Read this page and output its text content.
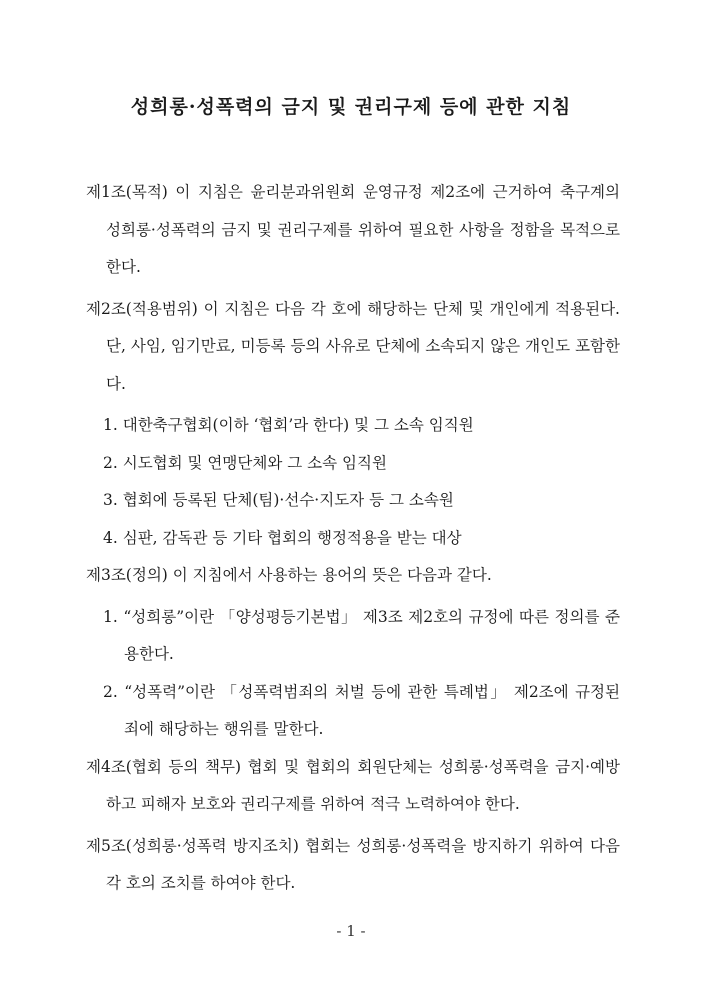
성희롱·성폭력의 금지 및 권리구제 등에 관한 지침

제1조(목적) 이 지침은 윤리분과위원회 운영규정 제2조에 근거하여 축구계의 성희롱·성폭력의 금지 및 권리구제를 위하여 필요한 사항을 정함을 목적으로 한다.

제2조(적용범위) 이 지침은 다음 각 호에 해당하는 단체 및 개인에게 적용된다. 단, 사임, 임기만료, 미등록 등의 사유로 단체에 소속되지 않은 개인도 포함한다.

1. 대한축구협회(이하 ‘협회’라 한다) 및 그 소속 임직원
2. 시도협회 및 연맹단체와 그 소속 임직원
3. 협회에 등록된 단체(팀)·선수·지도자 등 그 소속원
4. 심판, 감독관 등 기타 협회의 행정적용을 받는 대상

제3조(정의) 이 지침에서 사용하는 용어의 뜻은 다음과 같다.

1. “성희롱”이란 「양성평등기본법」 제3조 제2호의 규정에 따른 정의를 준용한다.
2. “성폭력”이란 「성폭력범죄의 처벌 등에 관한 특례법」 제2조에 규정된 죄에 해당하는 행위를 말한다.

제4조(협회 등의 책무) 협회 및 협회의 회원단체는 성희롱·성폭력을 금지·예방하고 피해자 보호와 권리구제를 위하여 적극 노력하여야 한다.

제5조(성희롱·성폭력 방지조치) 협회는 성희롱·성폭력을 방지하기 위하여 다음 각 호의 조치를 하여야 한다.

- 1 -
